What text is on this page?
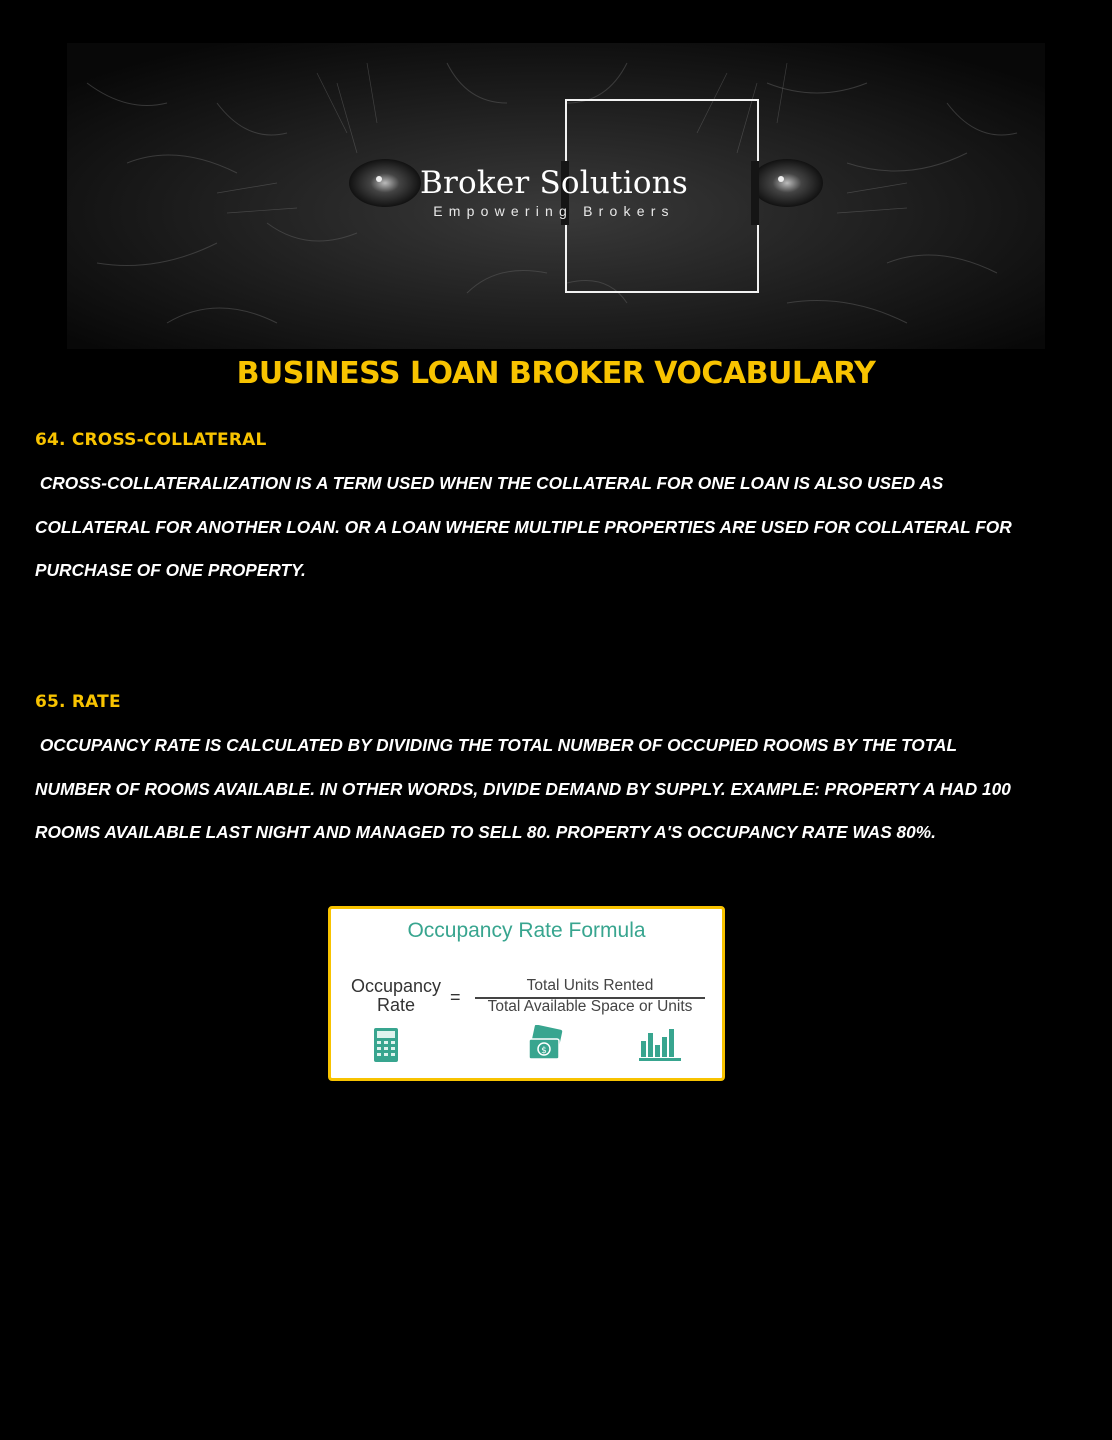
Broker Solutions
Empowering Brokers
BUSINESS LOAN BROKER VOCABULARY
64. CROSS-COLLATERAL
CROSS-COLLATERALIZATION IS A TERM USED WHEN THE COLLATERAL FOR ONE LOAN IS ALSO USED AS
COLLATERAL FOR ANOTHER LOAN. OR A LOAN WHERE MULTIPLE PROPERTIES ARE USED FOR COLLATERAL FOR
PURCHASE OF ONE PROPERTY.
65. RATE
OCCUPANCY RATE IS CALCULATED BY DIVIDING THE TOTAL NUMBER OF OCCUPIED ROOMS BY THE TOTAL
NUMBER OF ROOMS AVAILABLE. IN OTHER WORDS, DIVIDE DEMAND BY SUPPLY. EXAMPLE: PROPERTY A HAD 100
ROOMS AVAILABLE LAST NIGHT AND MANAGED TO SELL 80. PROPERTY A'S OCCUPANCY RATE WAS 80%.
Occupancy Rate Formula
Occupancy
Rate	=
Total Units Rented
Total Available Space or Units
$
